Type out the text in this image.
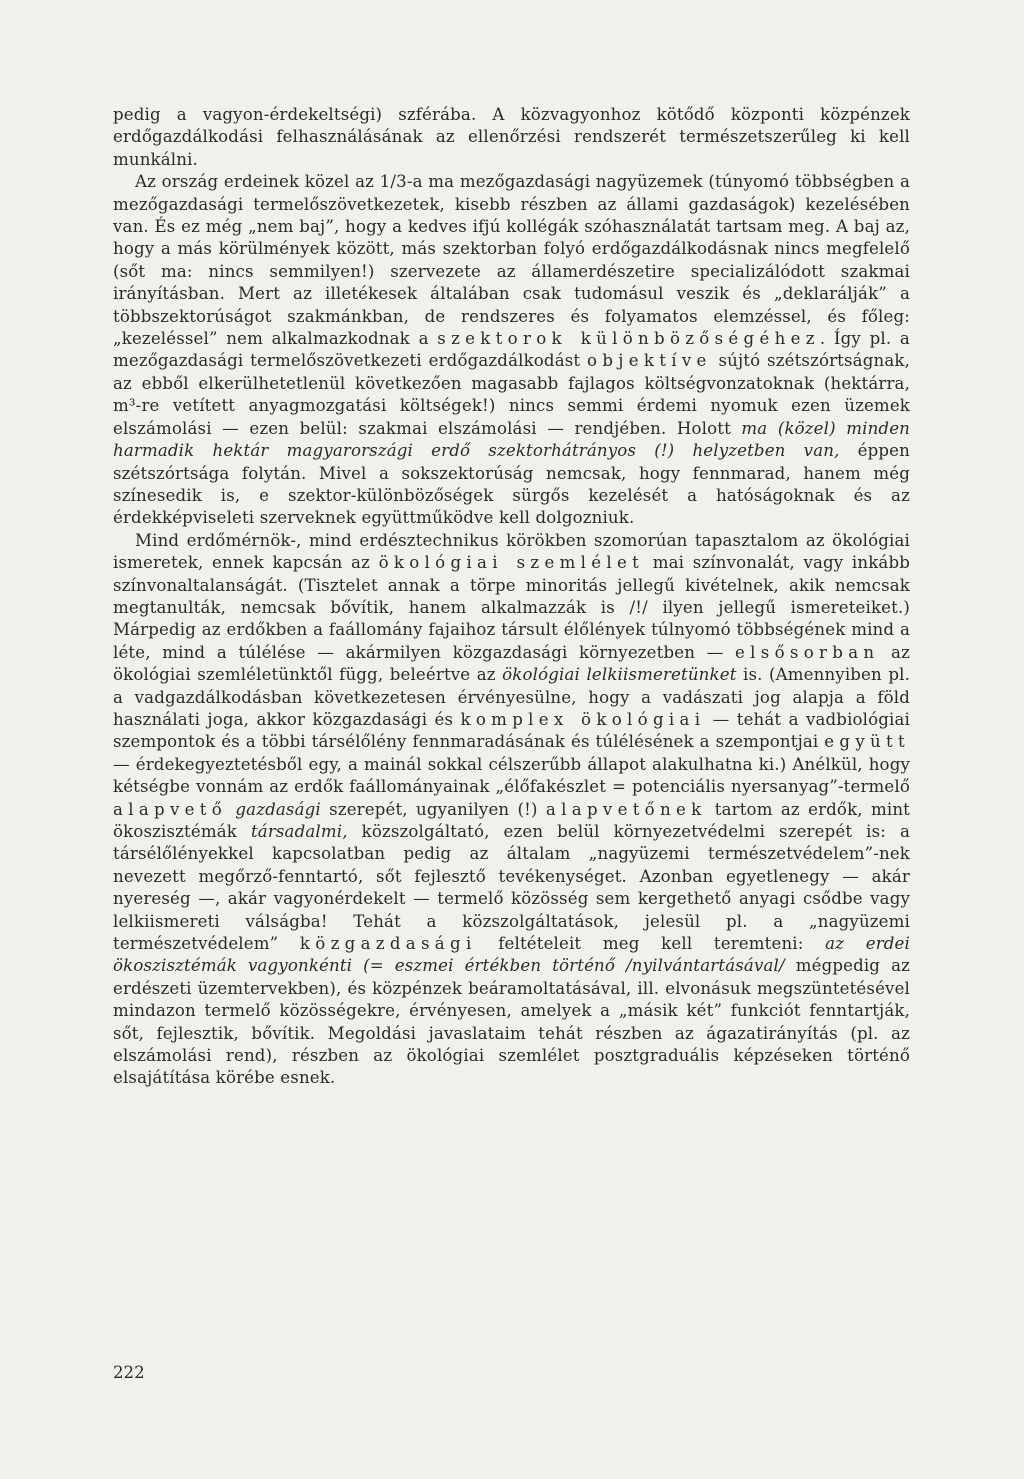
pedig a vagyon-érdekeltségi) szférába. A közvagyonhoz kötődő központi közpénzek erdőgazdálkodási felhasználásának az ellenőrzési rendszerét természetszerűleg ki kell munkálni.

Az ország erdeinek közel az 1/3-a ma mezőgazdasági nagyüzemek (túnyomó többségben a mezőgazdasági termelőszövetkezetek, kisebb részben az állami gazdaságok) kezelésében van. És ez még „nem baj”, hogy a kedves ifjú kollégák szóhasználatát tartsam meg. A baj az, hogy a más körülmények között, más szektorban folyó erdőgazdálkodásnak nincs megfelelő (sőt ma: nincs semmilyen!) szervezete az államerdészetire specializálódott szakmai irányításban. Mert az illetékesek általában csak tudomásul veszik és „deklarálják” a többszektorúságot szakmánkban, de rendszeres és folyamatos elemzéssel, és főleg: „kezeléssel” nem alkalmazkodnak a szektorok különbözőségéhez. Így pl. a mezőgazdasági termelőszövetkezeti erdőgazdálkodást objektíve sújtó szétszórtságnak, az ebből elkerülhetetlenül következően magasabb fajlagos költségvonzatoknak (hektárra, m³-re vetített anyagmozgatási költségek!) nincs semmi érdemi nyomuk ezen üzemek elszámolási — ezen belül: szakmai elszámolási — rendjében. Holott ma (közel) minden harmadik hektár magyarországi erdő szektorhátrányos (!) helyzetben van, éppen szétszórtsága folytán. Mivel a sokszektorúság nemcsak, hogy fennmarad, hanem még színesedik is, e szektor-különbözőségek sürgős kezelését a hatóságoknak és az érdekképviseleti szerveknek együttműködve kell dolgozniuk.

Mind erdőmérnök-, mind erdésztechnikus körökben szomorúan tapasztalom az ökológiai ismeretek, ennek kapcsán az ökológiai szemlélet mai színvonalát, vagy inkább színvonaltalanságát. (Tisztelet annak a törpe minoritás jellegű kivételnek, akik nemcsak megtanulták, nemcsak bővítik, hanem alkalmazzák is /!/ ilyen jellegű ismereteiket.) Márpedig az erdőkben a faállomány fajaihoz társult élőlények túlnyomó többségének mind a léte, mind a túlélése — akármilyen közgazdasági környezetben — elsősorban az ökológiai szemléletünktől függ, beleértve az ökológiai lelkiismeretünket is. (Amennyiben pl. a vadgazdálkodásban következetesen érvényesülne, hogy a vadászati jog alapja a föld használati joga, akkor közgazdasági és komplex ökológiai — tehát a vadbiológiai szempontok és a többi társélőlény fennmaradásának és túlélésének a szempontjai együtt — érdekegyeztetésből egy, a mainál sokkal célszerűbb állapot alakulhatna ki.) Anélkül, hogy kétségbe vonnám az erdők faállományainak „élőfakészlet = potenciális nyersanyag”-termelő alapvető gazdasági szerepét, ugyanilyen (!) alapvetőnek tartom az erdők, mint ökoszisztémák társadalmi, közszolgáltató, ezen belül környezetvédelmi szerepét is: a társélőlényekkel kapcsolatban pedig az általam „nagyüzemi természetvédelem”-nek nevezett megőrző-fenntartó, sőt fejlesztő tevékenységet. Azonban egyetlenegy — akár nyereség —, akár vagyonérdekelt — termelő közösség sem kergethető anyagi csődbe vagy lelkiismereti válságba! Tehát a közszolgáltatások, jelesül pl. a „nagyüzemi természetvédelem” közgazdasági feltételeit meg kell teremteni: az erdei ökoszisztémák vagyonkénti (= eszmei értékben történő /nyilvántartásával/ mégpedig az erdészeti üzemtervekben), és közpénzek beáramoltatásával, ill. elvonásuk megszüntetésével mindazon termelő közösségekre, érvényesen, amelyek a „másik két” funkciót fenntartják, sőt, fejlesztik, bővítik. Megoldási javaslataim tehát részben az ágazatirányítás (pl. az elszámolási rend), részben az ökológiai szemlélet posztgraduális képzéseken történő elsajátítása körébe esnek.

222
